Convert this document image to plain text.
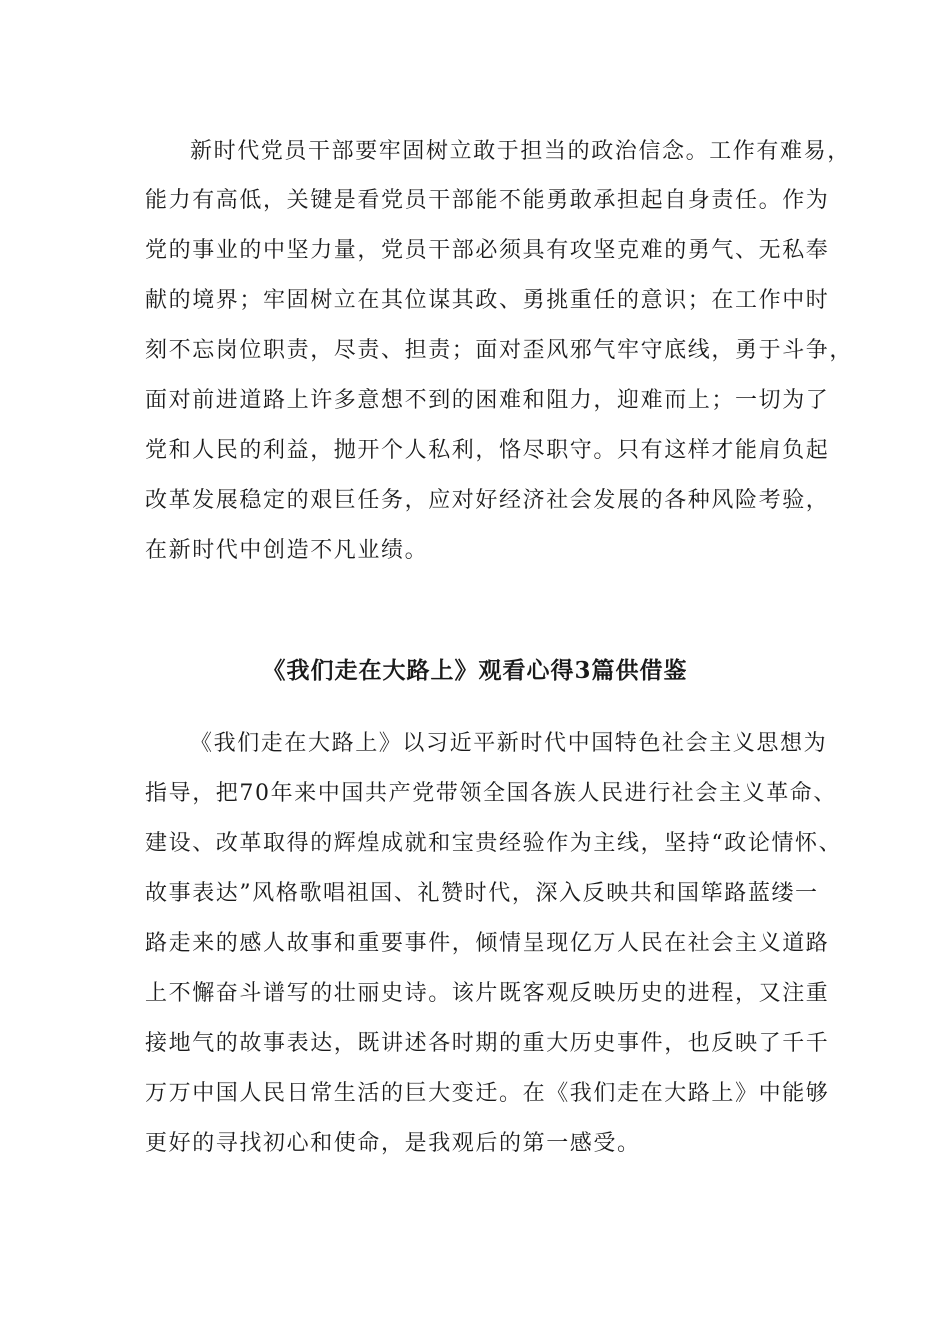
新时代党员干部要牢固树立敢于担当的政治信念。工作有难易，
能力有高低，关键是看党员干部能不能勇敢承担起自身责任。作为
党的事业的中坚力量，党员干部必须具有攻坚克难的勇气、无私奉
献的境界；牢固树立在其位谋其政、勇挑重任的意识；在工作中时
刻不忘岗位职责，尽责、担责；面对歪风邪气牢守底线，勇于斗争，
面对前进道路上许多意想不到的困难和阻力，迎难而上；一切为了
党和人民的利益，抛开个人私利，恪尽职守。只有这样才能肩负起
改革发展稳定的艰巨任务，应对好经济社会发展的各种风险考验，
在新时代中创造不凡业绩。
《我们走在大路上》观看心得3篇供借鉴
《我们走在大路上》以习近平新时代中国特色社会主义思想为
指导，把70年来中国共产党带领全国各族人民进行社会主义革命、
建设、改革取得的辉煌成就和宝贵经验作为主线，坚持“政论情怀、
故事表达”风格歌唱祖国、礼赞时代，深入反映共和国筚路蓝缕一
路走来的感人故事和重要事件，倾情呈现亿万人民在社会主义道路
上不懈奋斗谱写的壮丽史诗。该片既客观反映历史的进程，又注重
接地气的故事表达，既讲述各时期的重大历史事件，也反映了千千
万万中国人民日常生活的巨大变迁。在《我们走在大路上》中能够
更好的寻找初心和使命，是我观后的第一感受。
